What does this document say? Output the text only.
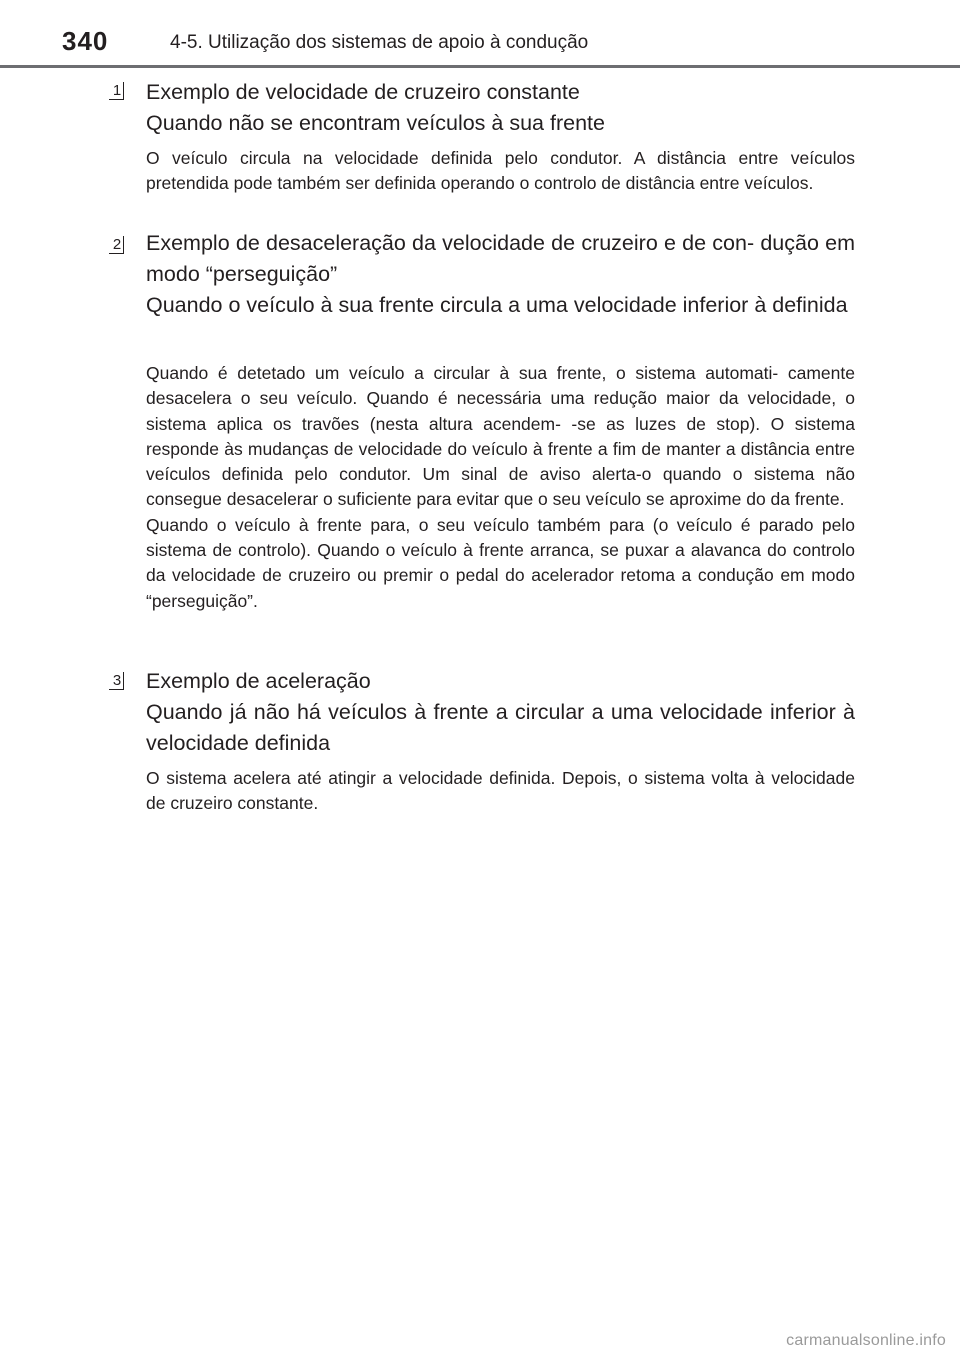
340	4-5. Utilização dos sistemas de apoio à condução
1 Exemplo de velocidade de cruzeiro constante
Quando não se encontram veículos à sua frente

O veículo circula na velocidade definida pelo condutor. A distância entre veículos pretendida pode também ser definida operando o controlo de distância entre veículos.

2 Exemplo de desaceleração da velocidade de cruzeiro e de con- dução em modo “perseguição”
Quando o veículo à sua frente circula a uma velocidade inferior à definida

Quando é detetado um veículo a circular à sua frente, o sistema automati- camente desacelera o seu veículo. Quando é necessária uma redução maior da velocidade, o sistema aplica os travões (nesta altura acendem- -se as luzes de stop). O sistema responde às mudanças de velocidade do veículo à frente a fim de manter a distância entre veículos definida pelo condutor. Um sinal de aviso alerta-o quando o sistema não consegue desacelerar o suficiente para evitar que o seu veículo se aproxime do da frente.

Quando o veículo à frente para, o seu veículo também para (o veículo é parado pelo sistema de controlo). Quando o veículo à frente arranca, se puxar a alavanca do controlo da velocidade de cruzeiro ou premir o pedal do acelerador retoma a condução em modo “perseguição”.

3 Exemplo de aceleração
Quando já não há veículos à frente a circular a uma velocidade inferior à velocidade definida

O sistema acelera até atingir a velocidade definida. Depois, o sistema volta à velocidade de cruzeiro constante.

carmanualsonline.info
